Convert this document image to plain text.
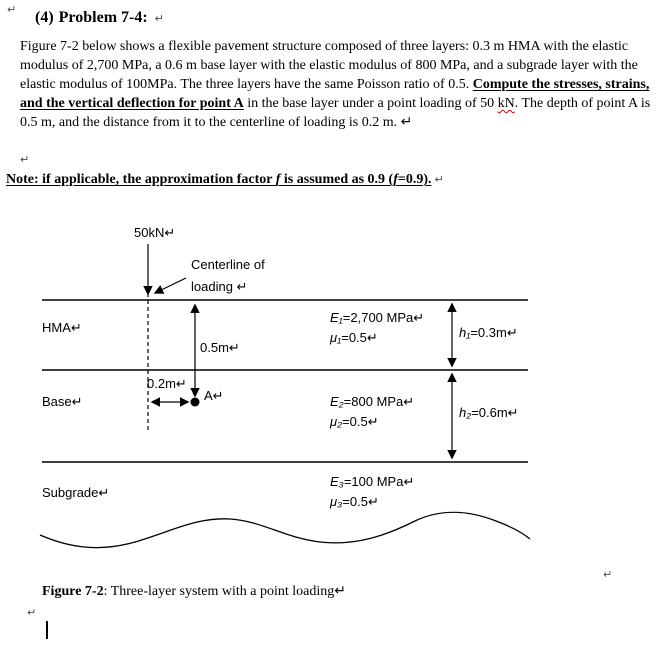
↵ (4) Problem 7-4: ↵

Figure 7-2 below shows a flexible pavement structure composed of three layers: 0.3 m HMA with the elastic modulus of 2,700 MPa, a 0.6 m base layer with the elastic modulus of 800 MPa, and a subgrade layer with the elastic modulus of 100MPa. The three layers have the same Poisson ratio of 0.5. Compute the stresses, strains, and the vertical deflection for point A in the base layer under a point loading of 50 kN. The depth of point A is 0.5 m, and the distance from it to the centerline of loading is 0.2 m. ↵

↵

Note: if applicable, the approximation factor f is assumed as 0.9 (f=0.9). ↵

50kN↵
Centerline of
loading ↵
HMA↵
0.5m↵
0.2m↵
A↵
Base↵
Subgrade↵
E₁=2,700 MPa↵
μ₁=0.5↵	h₁=0.3m↵
E₂=800 MPa↵
μ₂=0.5↵
h₂=0.6m↵
E₃=100 MPa↵
μ₃=0.5↵

Figure 7-2: Three-layer system with a point loading↵

↵
↵
